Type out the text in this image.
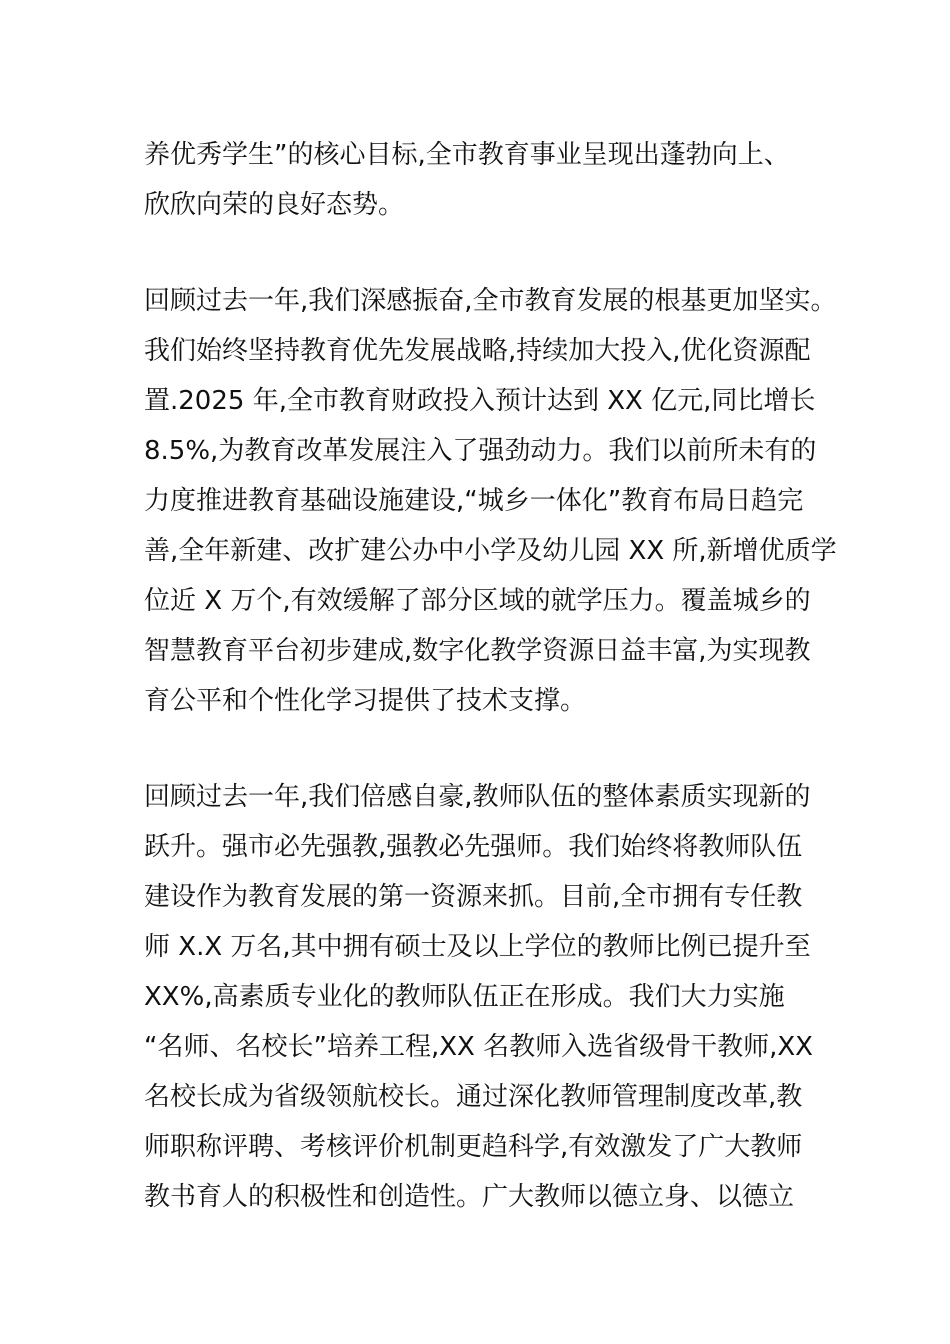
养优秀学生”的核心目标,全市教育事业呈现出蓬勃向上、
欣欣向荣的良好态势。
回顾过去一年,我们深感振奋,全市教育发展的根基更加坚实。
我们始终坚持教育优先发展战略,持续加大投入,优化资源配
置.2025 年,全市教育财政投入预计达到 XX 亿元,同比增长
8.5%,为教育改革发展注入了强劲动力。我们以前所未有的
力度推进教育基础设施建设,“城乡一体化”教育布局日趋完
善,全年新建、改扩建公办中小学及幼儿园 XX 所,新增优质学
位近 X 万个,有效缓解了部分区域的就学压力。覆盖城乡的
智慧教育平台初步建成,数字化教学资源日益丰富,为实现教
育公平和个性化学习提供了技术支撑。
回顾过去一年,我们倍感自豪,教师队伍的整体素质实现新的
跃升。强市必先强教,强教必先强师。我们始终将教师队伍
建设作为教育发展的第一资源来抓。目前,全市拥有专任教
师 X.X 万名,其中拥有硕士及以上学位的教师比例已提升至
XX%,高素质专业化的教师队伍正在形成。我们大力实施
“名师、名校长”培养工程,XX 名教师入选省级骨干教师,XX
名校长成为省级领航校长。通过深化教师管理制度改革,教
师职称评聘、考核评价机制更趋科学,有效激发了广大教师
教书育人的积极性和创造性。广大教师以德立身、以德立
